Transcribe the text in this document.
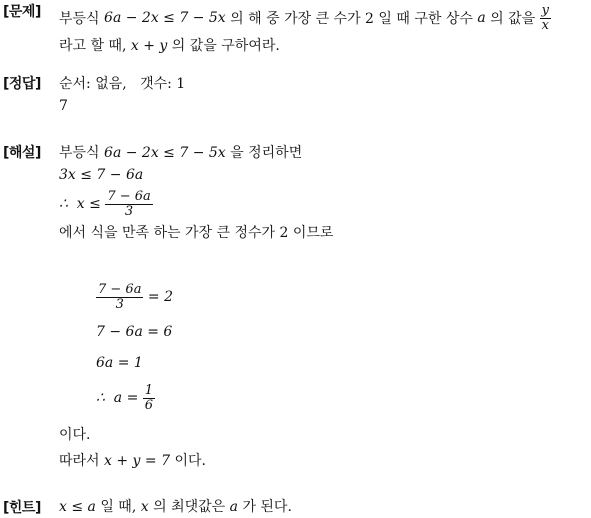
[문제] 부등식
6a − 2x ≤ 7 − 5x
의 해 중 가장 큰 수가 2 일 때 구한 상수
a
의 값을
$\frac{y}{x}$
라고 할 때, x + y 의 값을 구하여라.
[정답] 순서: 없음,   갯수: 1
7
[해설] 부등식 6a − 2x ≤ 7 − 5x 을 정리하면
3x ≤ 7 − 6a
∴  x ≤
$\frac{7 - 6a}{3}$
에서 식을 만족 하는 가장 큰 정수가 2 이므로
$\frac{7 - 6a}{3}$
= 2
7 − 6a = 6
6a = 1
∴  a =
$\frac{1}{6}$
이다.
따라서 x + y = 7 이다.
[힌트] x ≤ a 일 때, x 의 최댓값은 a 가 된다.
